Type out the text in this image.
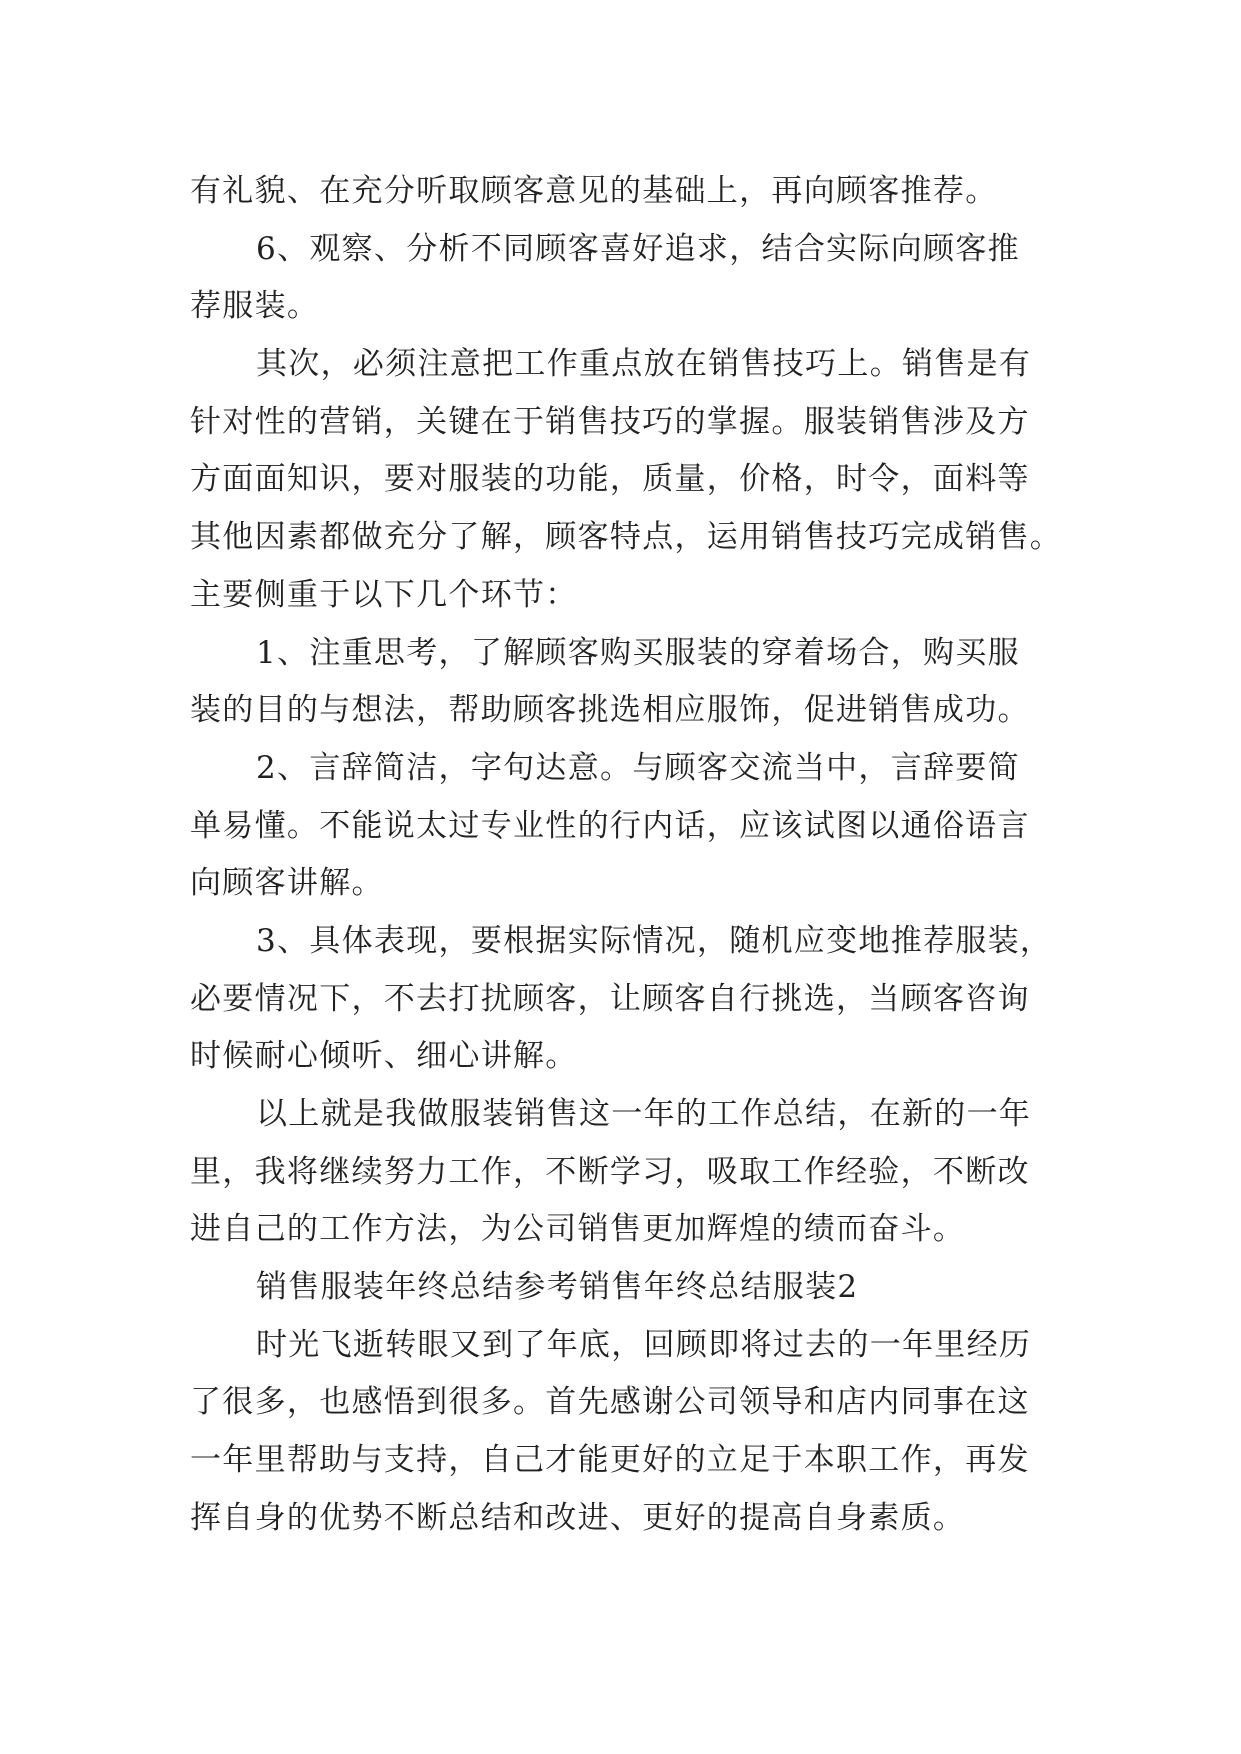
有礼貌、在充分听取顾客意见的基础上，再向顾客推荐。
6、观察、分析不同顾客喜好追求，结合实际向顾客推
荐服装。
其次，必须注意把工作重点放在销售技巧上。销售是有
针对性的营销，关键在于销售技巧的掌握。服装销售涉及方
方面面知识，要对服装的功能，质量，价格，时令，面料等
其他因素都做充分了解，顾客特点，运用销售技巧完成销售。
主要侧重于以下几个环节：
1、注重思考，了解顾客购买服装的穿着场合，购买服
装的目的与想法，帮助顾客挑选相应服饰，促进销售成功。
2、言辞简洁，字句达意。与顾客交流当中，言辞要简
单易懂。不能说太过专业性的行内话，应该试图以通俗语言
向顾客讲解。
3、具体表现，要根据实际情况，随机应变地推荐服装，
必要情况下，不去打扰顾客，让顾客自行挑选，当顾客咨询
时候耐心倾听、细心讲解。
以上就是我做服装销售这一年的工作总结，在新的一年
里，我将继续努力工作，不断学习，吸取工作经验，不断改
进自己的工作方法，为公司销售更加辉煌的绩而奋斗。
销售服装年终总结参考销售年终总结服装2
时光飞逝转眼又到了年底，回顾即将过去的一年里经历
了很多，也感悟到很多。首先感谢公司领导和店内同事在这
一年里帮助与支持，自己才能更好的立足于本职工作，再发
挥自身的优势不断总结和改进、更好的提高自身素质。
